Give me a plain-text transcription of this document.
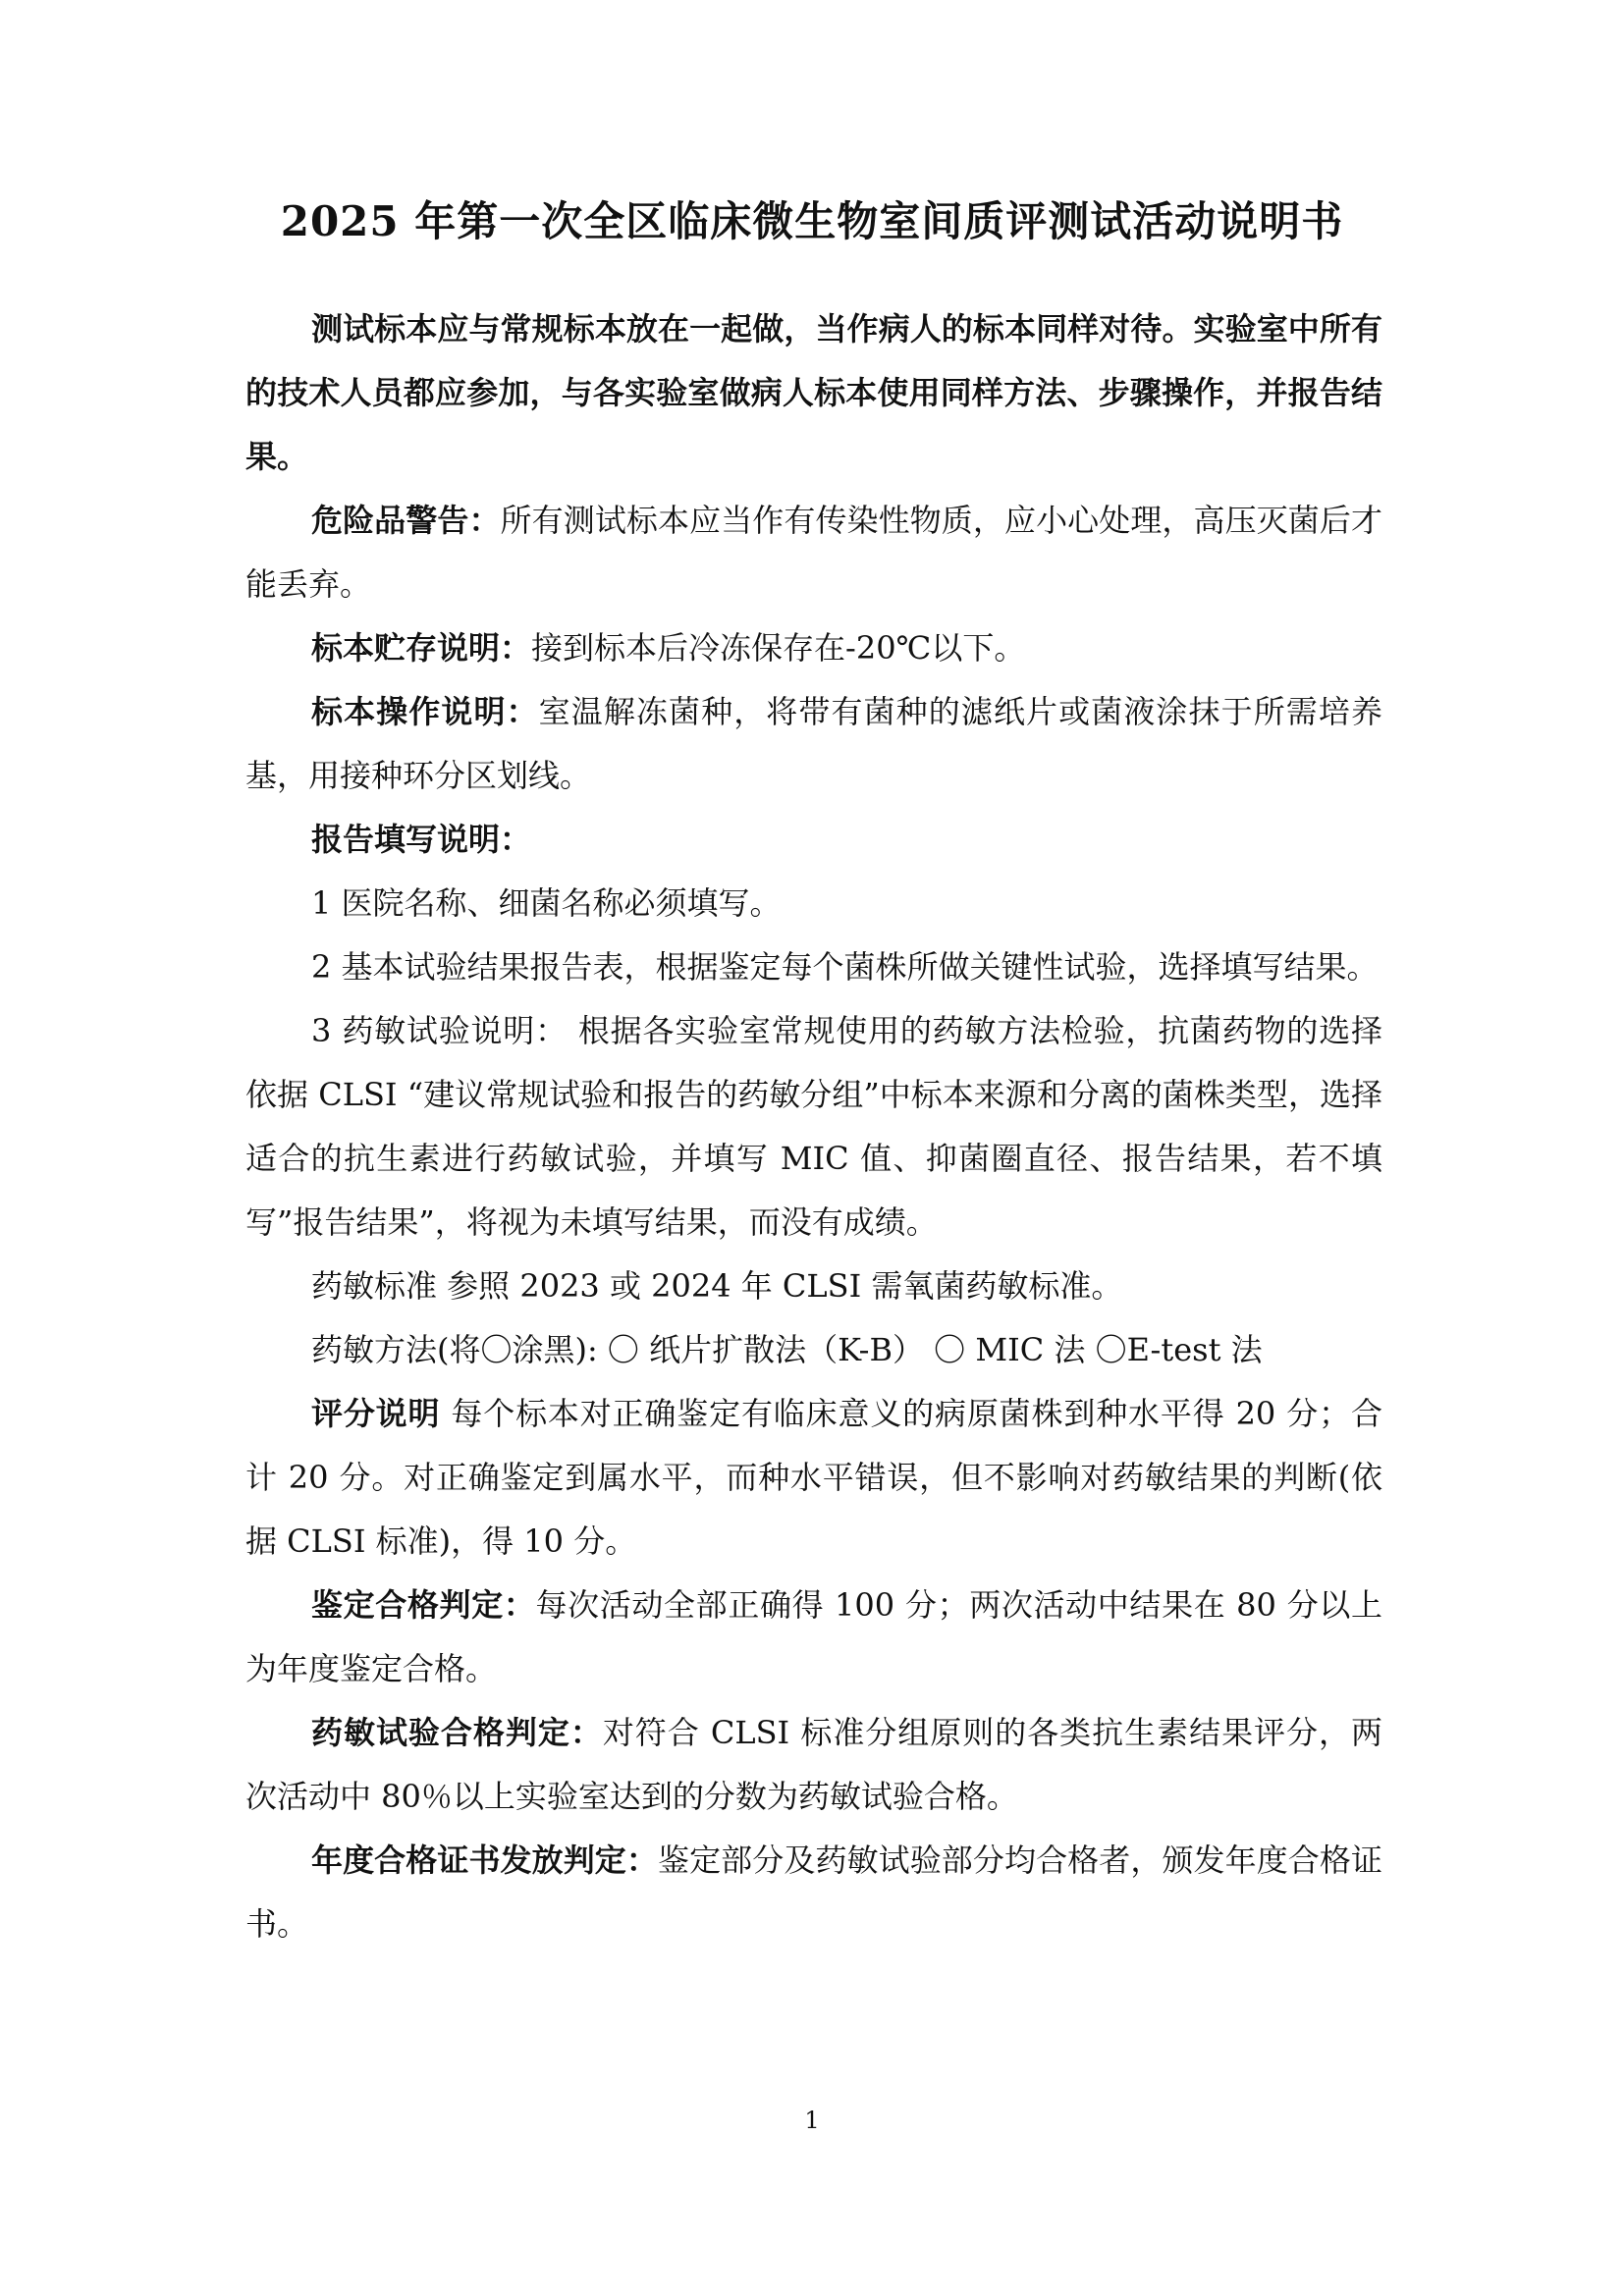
2025 年第一次全区临床微生物室间质评测试活动说明书

测试标本应与常规标本放在一起做，当作病人的标本同样对待。实验室中所有的技术人员都应参加，与各实验室做病人标本使用同样方法、步骤操作，并报告结果。

危险品警告：所有测试标本应当作有传染性物质，应小心处理，高压灭菌后才能丢弃。

标本贮存说明：接到标本后冷冻保存在-20℃以下。

标本操作说明：室温解冻菌种，将带有菌种的滤纸片或菌液涂抹于所需培养基，用接种环分区划线。

报告填写说明：

1 医院名称、细菌名称必须填写。

2 基本试验结果报告表，根据鉴定每个菌株所做关键性试验，选择填写结果。

3 药敏试验说明： 根据各实验室常规使用的药敏方法检验，抗菌药物的选择依据 CLSI “建议常规试验和报告的药敏分组”中标本来源和分离的菌株类型，选择适合的抗生素进行药敏试验，并填写 MIC 值、抑菌圈直径、报告结果，若不填写”报告结果”，将视为未填写结果，而没有成绩。

药敏标准 参照 2023 或 2024 年 CLSI 需氧菌药敏标准。

药敏方法(将〇涂黑): 〇 纸片扩散法（K-B） 〇 MIC 法 〇E-test 法

评分说明 每个标本对正确鉴定有临床意义的病原菌株到种水平得 20 分；合计 20 分。对正确鉴定到属水平，而种水平错误，但不影响对药敏结果的判断(依据 CLSI 标准)，得 10 分。

鉴定合格判定：每次活动全部正确得 100 分；两次活动中结果在 80 分以上为年度鉴定合格。

药敏试验合格判定：对符合 CLSI 标准分组原则的各类抗生素结果评分，两次活动中 80％以上实验室达到的分数为药敏试验合格。

年度合格证书发放判定：鉴定部分及药敏试验部分均合格者，颁发年度合格证书。

1
